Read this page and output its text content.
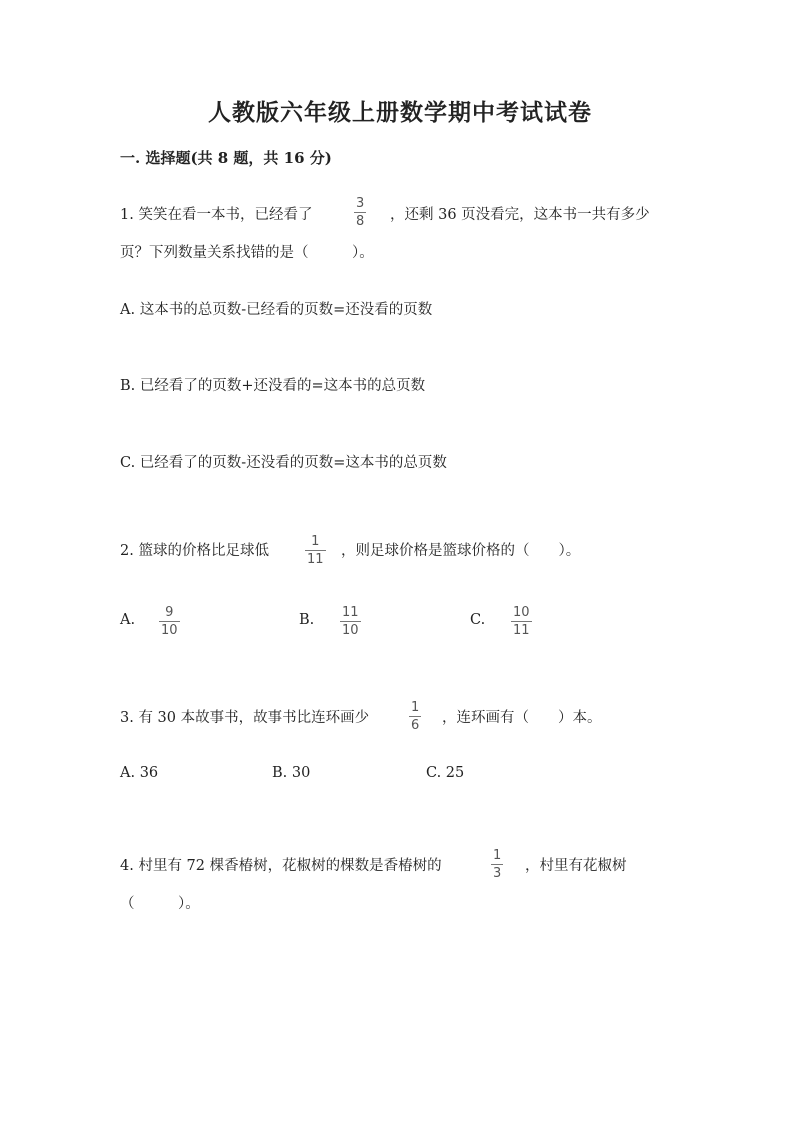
人教版六年级上册数学期中考试试卷
一. 选择题(共 8 题，共 16 分)
1. 笑笑在看一本书，已经看了
3
8 ，还剩 36 页没看完，这本书一共有多少
页？下列数量关系找错的是（　　　）。
A. 这本书的总页数-已经看的页数=还没看的页数
B. 已经看了的页数+还没看的=这本书的总页数
C. 已经看了的页数-还没看的页数=这本书的总页数
2. 篮球的价格比足球低
1
11
，则足球价格是篮球价格的（　　）。
A. 9
10
B. 11
10
C. 10
11
3. 有 30 本故事书，故事书比连环画少
1
6 ，连环画有（　　）本。
A. 36	B. 30	C. 25
4. 村里有 72 棵香椿树，花椒树的棵数是香椿树的
1
3 ，村里有花椒树
（　　　）。
